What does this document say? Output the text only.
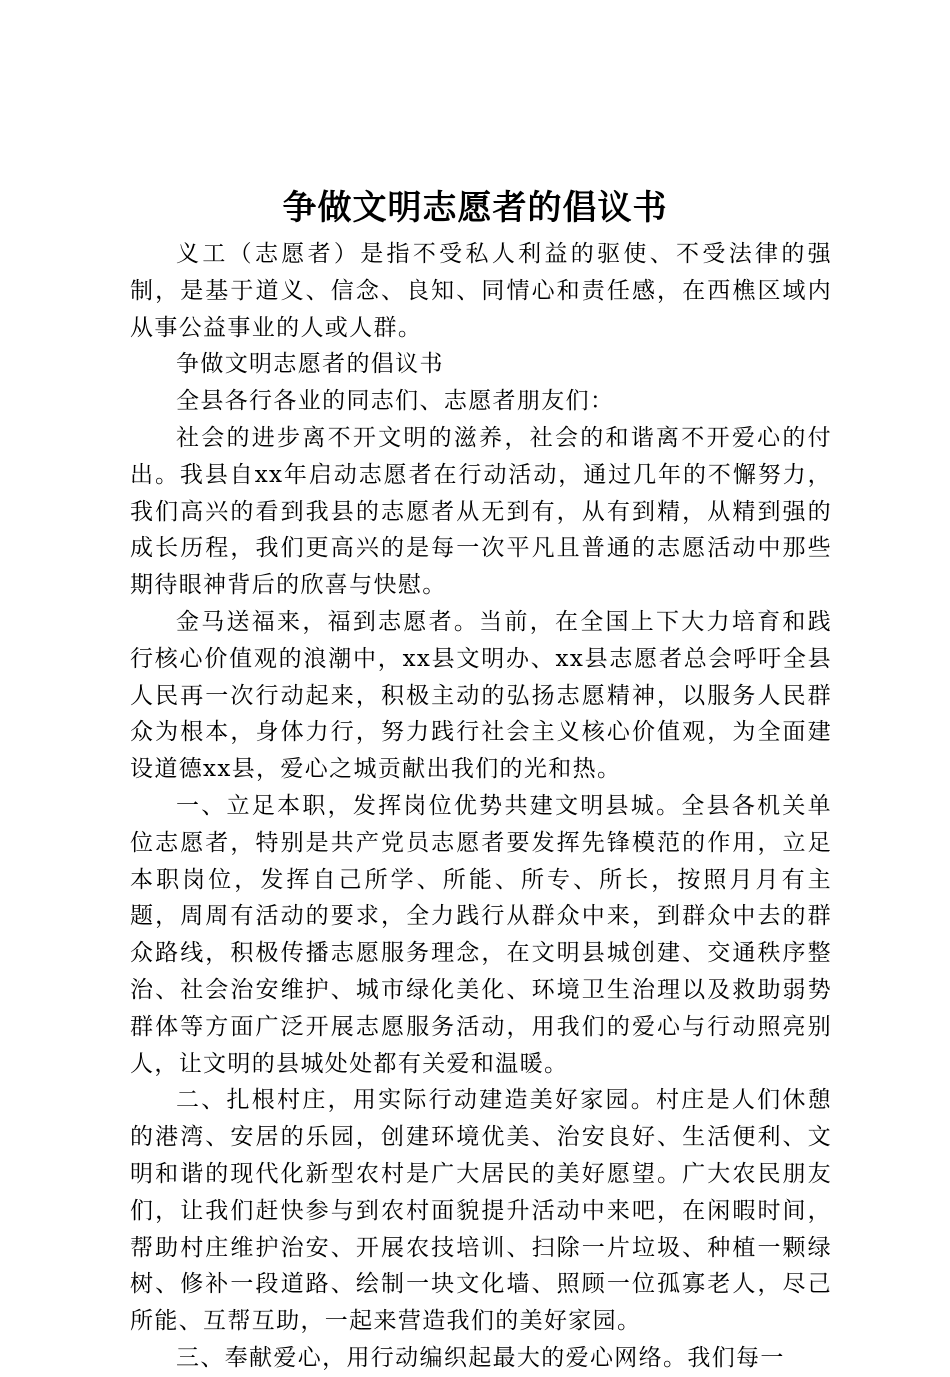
争做文明志愿者的倡议书

义工（志愿者）是指不受私人利益的驱使、不受法律的强制，是基于道义、信念、良知、同情心和责任感，在西樵区域内从事公益事业的人或人群。

争做文明志愿者的倡议书

全县各行各业的同志们、志愿者朋友们：

社会的进步离不开文明的滋养，社会的和谐离不开爱心的付出。我县自xx年启动志愿者在行动活动，通过几年的不懈努力，我们高兴的看到我县的志愿者从无到有，从有到精，从精到强的成长历程，我们更高兴的是每一次平凡且普通的志愿活动中那些期待眼神背后的欣喜与快慰。

金马送福来，福到志愿者。当前，在全国上下大力培育和践行核心价值观的浪潮中，xx县文明办、xx县志愿者总会呼吁全县人民再一次行动起来，积极主动的弘扬志愿精神，以服务人民群众为根本，身体力行，努力践行社会主义核心价值观，为全面建设道德xx县，爱心之城贡献出我们的光和热。

一、立足本职，发挥岗位优势共建文明县城。全县各机关单位志愿者，特别是共产党员志愿者要发挥先锋模范的作用，立足本职岗位，发挥自己所学、所能、所专、所长，按照月月有主题，周周有活动的要求，全力践行从群众中来，到群众中去的群众路线，积极传播志愿服务理念，在文明县城创建、交通秩序整治、社会治安维护、城市绿化美化、环境卫生治理以及救助弱势群体等方面广泛开展志愿服务活动，用我们的爱心与行动照亮别人，让文明的县城处处都有关爱和温暖。

二、扎根村庄，用实际行动建造美好家园。村庄是人们休憩的港湾、安居的乐园，创建环境优美、治安良好、生活便利、文明和谐的现代化新型农村是广大居民的美好愿望。广大农民朋友们，让我们赶快参与到农村面貌提升活动中来吧，在闲暇时间，帮助村庄维护治安、开展农技培训、扫除一片垃圾、种植一颗绿树、修补一段道路、绘制一块文化墙、照顾一位孤寡老人，尽己所能、互帮互助，一起来营造我们的美好家园。

三、奉献爱心，用行动编织起最大的爱心网络。我们每一
